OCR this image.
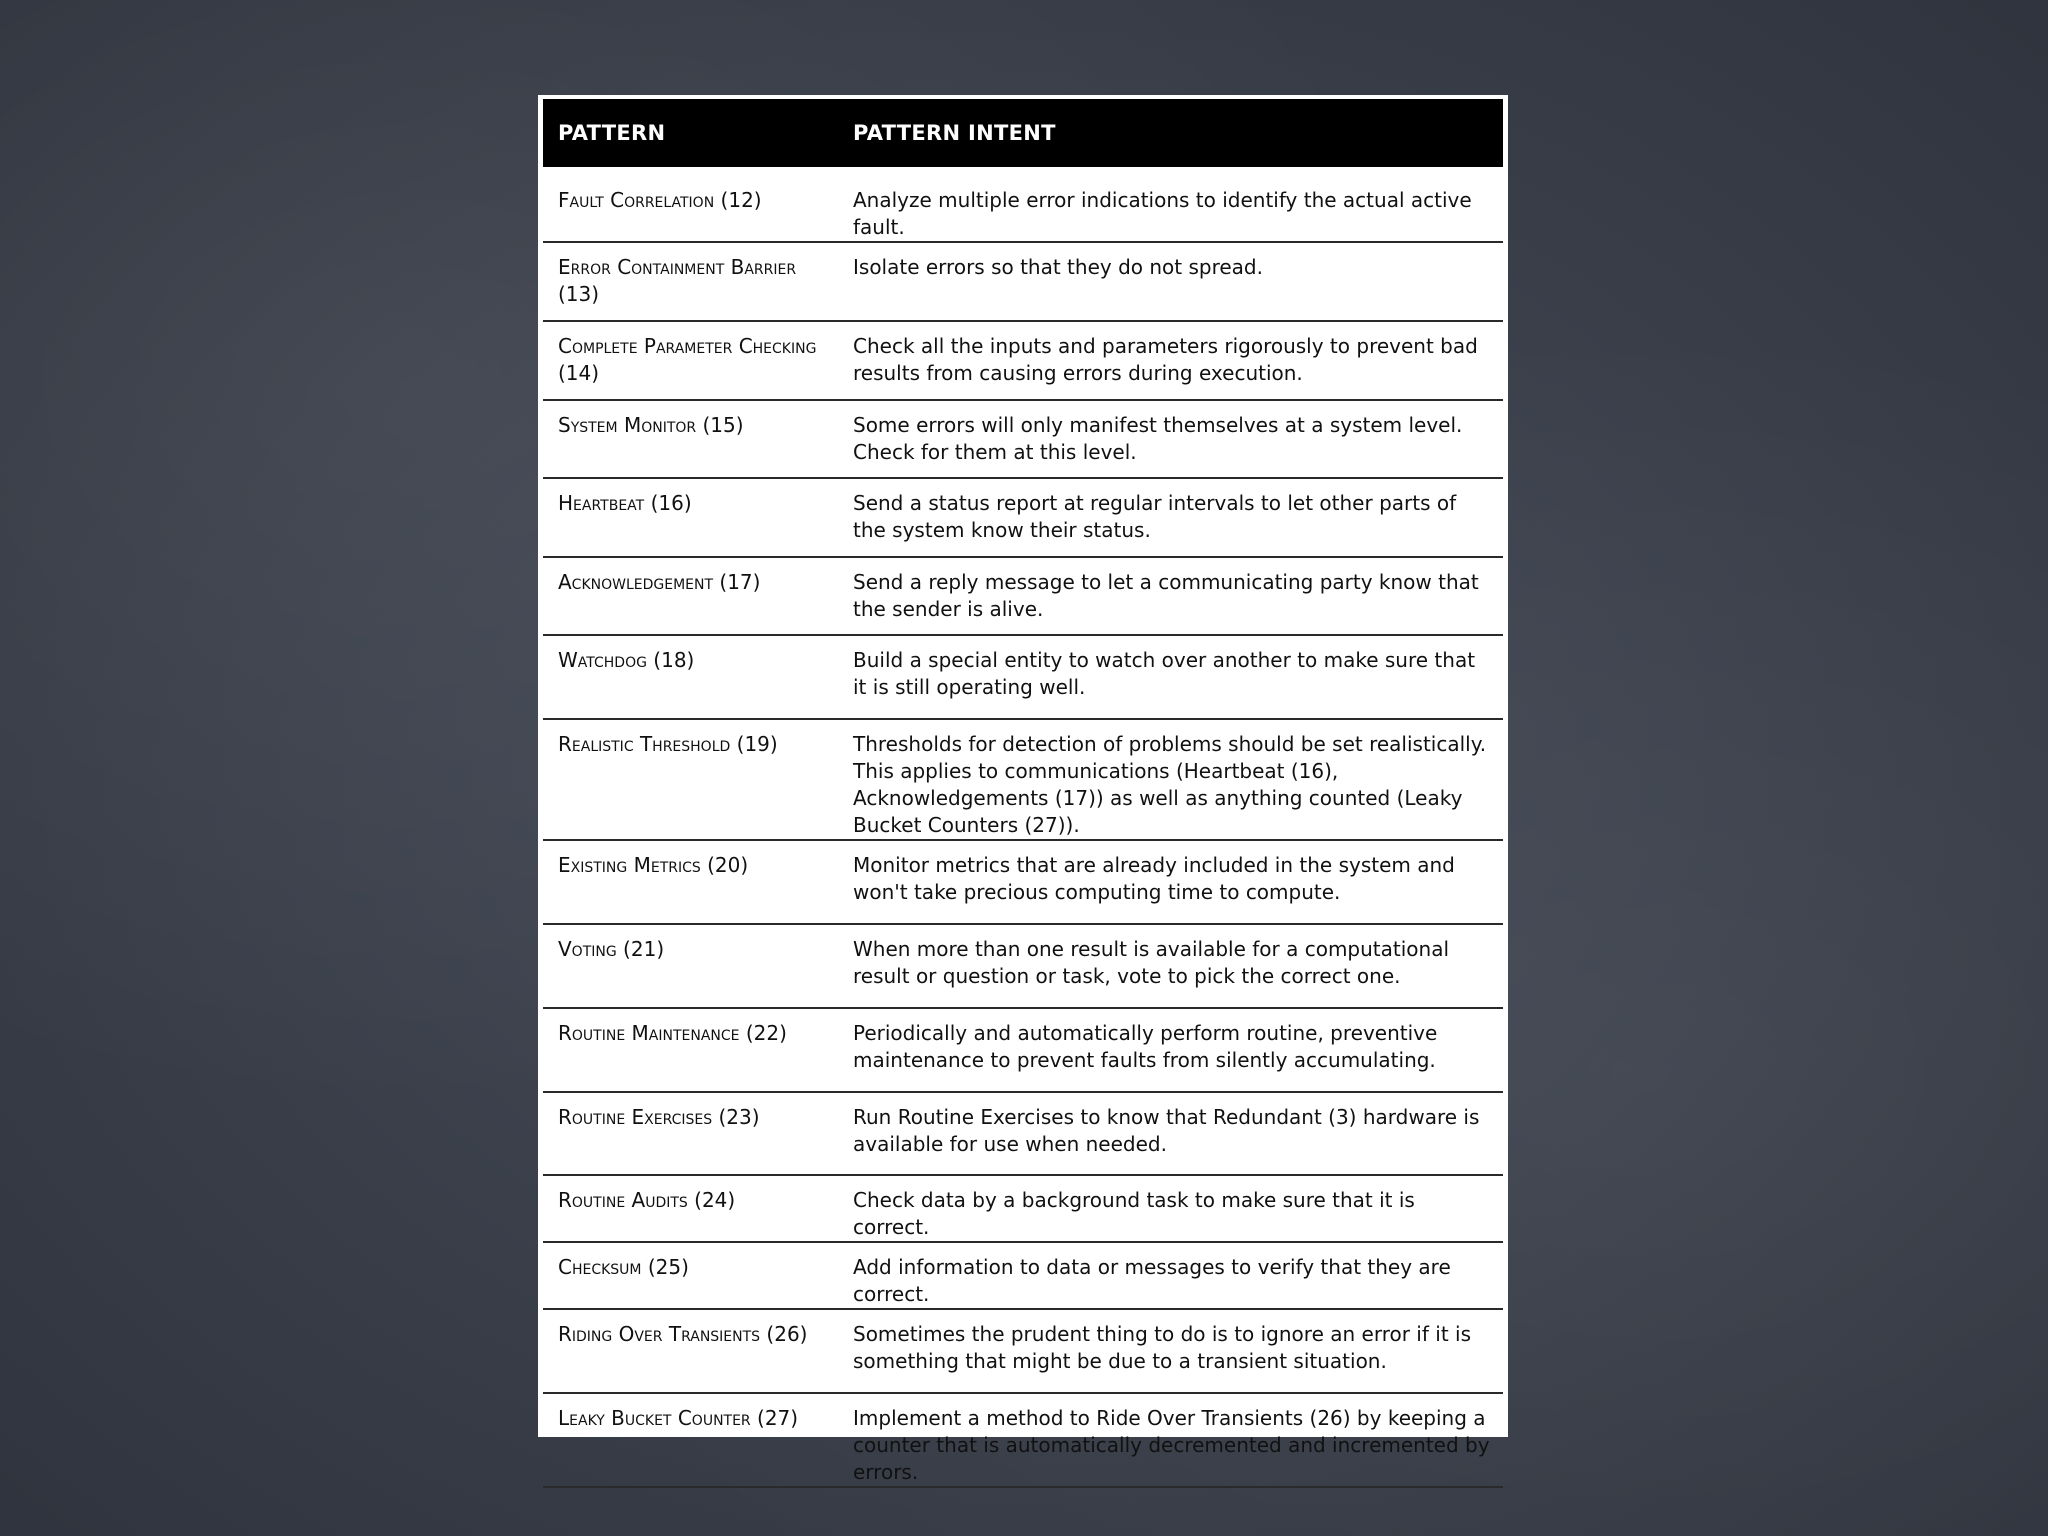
PATTERN	PATTERN INTENT
Fault Correlation (12)	Analyze multiple error indications to identify the actual active fault.
Error Containment Barrier (13)	Isolate errors so that they do not spread.
Complete Parameter Checking (14)	Check all the inputs and parameters rigorously to prevent bad results from causing errors during execution.
System Monitor (15)	Some errors will only manifest themselves at a system level. Check for them at this level.
Heartbeat (16)	Send a status report at regular intervals to let other parts of the system know their status.
Acknowledgement (17)	Send a reply message to let a communicating party know that the sender is alive.
Watchdog (18)	Build a special entity to watch over another to make sure that it is still operating well.
Realistic Threshold (19)	Thresholds for detection of problems should be set realistically. This applies to communications (Heartbeat (16), Acknowledgements (17)) as well as anything counted (Leaky Bucket Counters (27)).
Existing Metrics (20)	Monitor metrics that are already included in the system and won't take precious computing time to compute.
Voting (21)	When more than one result is available for a computational result or question or task, vote to pick the correct one.
Routine Maintenance (22)	Periodically and automatically perform routine, preventive maintenance to prevent faults from silently accumulating.
Routine Exercises (23)	Run Routine Exercises to know that Redundant (3) hardware is available for use when needed.
Routine Audits (24)	Check data by a background task to make sure that it is correct.
Checksum (25)	Add information to data or messages to verify that they are correct.
Riding Over Transients (26)	Sometimes the prudent thing to do is to ignore an error if it is something that might be due to a transient situation.
Leaky Bucket Counter (27)	Implement a method to Ride Over Transients (26) by keeping a counter that is automatically decremented and incremented by errors.
